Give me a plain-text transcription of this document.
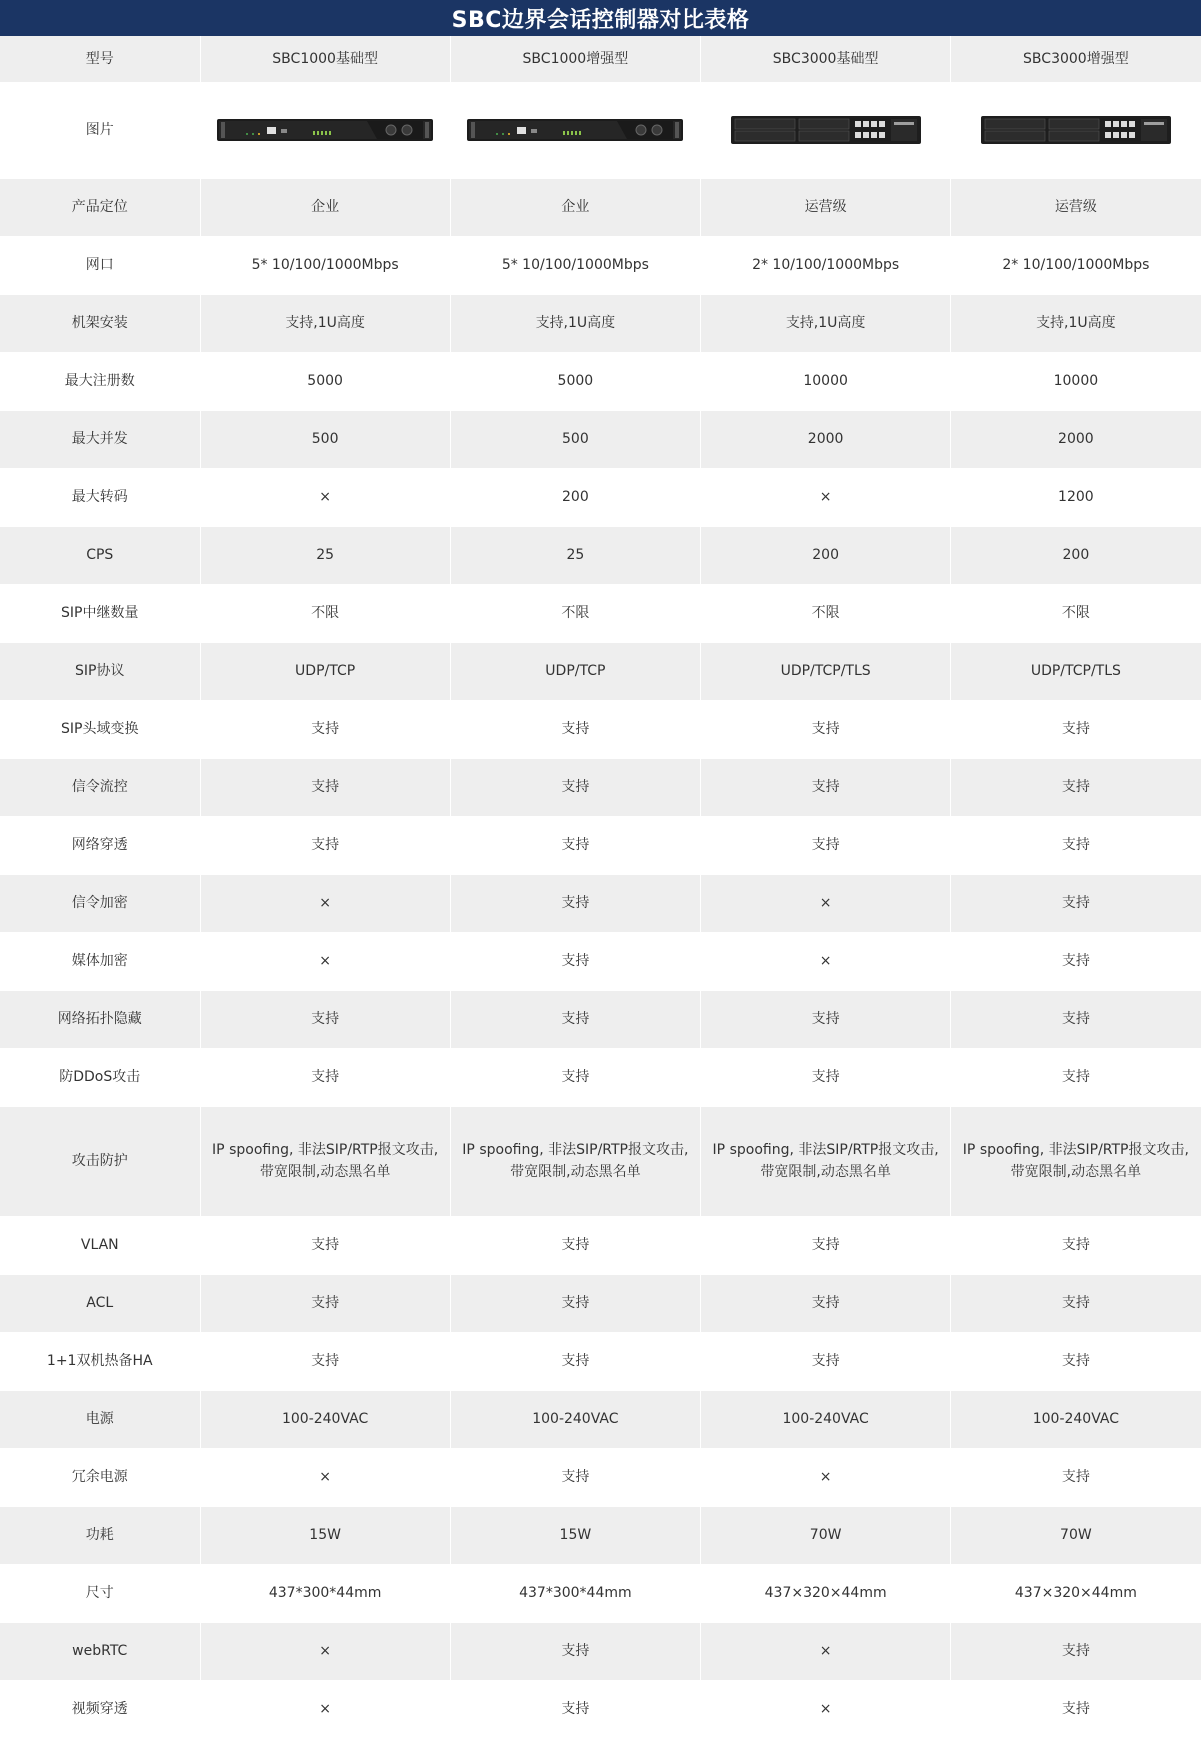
SBC边界会话控制器对比表格
型号	SBC1000基础型	SBC1000增强型	SBC3000基础型	SBC3000增强型
图片	

产品定位	企业	企业	运营级	运营级
网口	5* 10/100/1000Mbps	5* 10/100/1000Mbps	2* 10/100/1000Mbps	2* 10/100/1000Mbps
机架安装	支持,1U高度	支持,1U高度	支持,1U高度	支持,1U高度
最大注册数	5000	5000	10000	10000
最大并发	500	500	2000	2000
最大转码	×	200	×	1200
CPS	25	25	200	200
SIP中继数量	不限	不限	不限	不限
SIP协议	UDP/TCP	UDP/TCP	UDP/TCP/TLS	UDP/TCP/TLS
SIP头域变换	支持	支持	支持	支持
信令流控	支持	支持	支持	支持
网络穿透	支持	支持	支持	支持
信令加密	×	支持	×	支持
媒体加密	×	支持	×	支持
网络拓扑隐藏	支持	支持	支持	支持
防DDoS攻击	支持	支持	支持	支持
攻击防护	IP spoofing, 非法SIP/RTP报文攻击, 带宽限制,动态黑名单	IP spoofing, 非法SIP/RTP报文攻击, 带宽限制,动态黑名单	IP spoofing, 非法SIP/RTP报文攻击, 带宽限制,动态黑名单	IP spoofing, 非法SIP/RTP报文攻击, 带宽限制,动态黑名单
VLAN	支持	支持	支持	支持
ACL	支持	支持	支持	支持
1+1双机热备HA	支持	支持	支持	支持
电源	100-240VAC	100-240VAC	100-240VAC	100-240VAC
冗余电源	×	支持	×	支持
功耗	15W	15W	70W	70W
尺寸	437*300*44mm	437*300*44mm	437×320×44mm	437×320×44mm
webRTC	×	支持	×	支持
视频穿透	×	支持	×	支持
